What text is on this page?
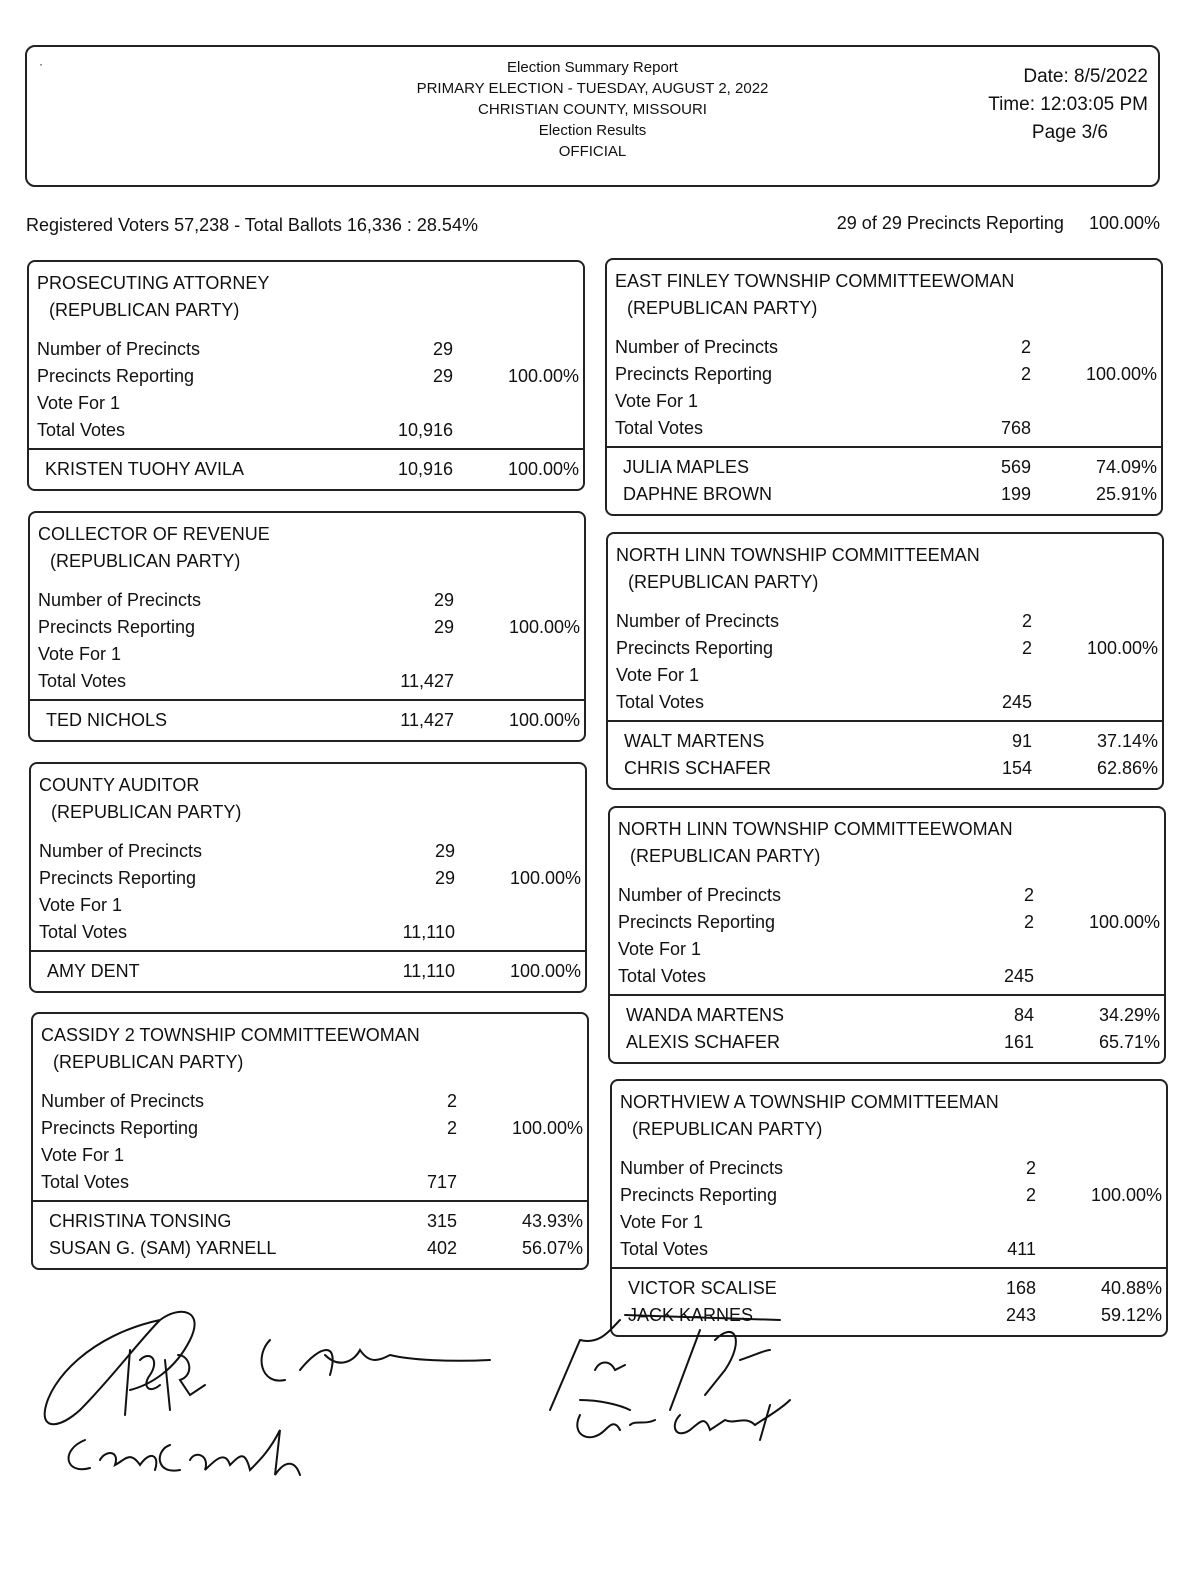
·	Election Summary Report
PRIMARY ELECTION - TUESDAY, AUGUST 2, 2022
CHRISTIAN COUNTY, MISSOURI
Election Results
OFFICIAL
Date: 8/5/2022
Time: 12:03:05 PM
Page 3/6
Registered Voters 57,238 - Total Ballots 16,336 : 28.54%	29 of 29 Precincts Reporting 100.00%
PROSECUTING ATTORNEY
(REPUBLICAN PARTY)
Number of Precincts	29
Precincts Reporting	29	100.00%
Vote For 1
Total Votes	10,916
KRISTEN TUOHY AVILA	10,916	100.00%
COLLECTOR OF REVENUE
(REPUBLICAN PARTY)
Number of Precincts	29
Precincts Reporting	29	100.00%
Vote For 1
Total Votes	11,427
TED NICHOLS	11,427	100.00%
COUNTY AUDITOR
(REPUBLICAN PARTY)
Number of Precincts	29
Precincts Reporting	29	100.00%
Vote For 1
Total Votes	11,110
AMY DENT	11,110	100.00%
CASSIDY 2 TOWNSHIP COMMITTEEWOMAN
(REPUBLICAN PARTY)
Number of Precincts	2
Precincts Reporting	2	100.00%
Vote For 1
Total Votes	717
CHRISTINA TONSING	315	43.93%
SUSAN G. (SAM) YARNELL	402	56.07%
EAST FINLEY TOWNSHIP COMMITTEEWOMAN
(REPUBLICAN PARTY)
Number of Precincts	2
Precincts Reporting	2	100.00%
Vote For 1
Total Votes	768
JULIA MAPLES	569	74.09%
DAPHNE BROWN	199	25.91%
NORTH LINN TOWNSHIP COMMITTEEMAN
(REPUBLICAN PARTY)
Number of Precincts	2
Precincts Reporting	2	100.00%
Vote For 1
Total Votes	245
WALT MARTENS	91	37.14%
CHRIS SCHAFER	154	62.86%
NORTH LINN TOWNSHIP COMMITTEEWOMAN
(REPUBLICAN PARTY)
Number of Precincts	2
Precincts Reporting	2	100.00%
Vote For 1
Total Votes	245
WANDA MARTENS	84	34.29%
ALEXIS SCHAFER	161	65.71%
NORTHVIEW A TOWNSHIP COMMITTEEMAN
(REPUBLICAN PARTY)
Number of Precincts	2
Precincts Reporting	2	100.00%
Vote For 1
Total Votes	411
VICTOR SCALISE	168	40.88%
JACK KARNES	243	59.12%
